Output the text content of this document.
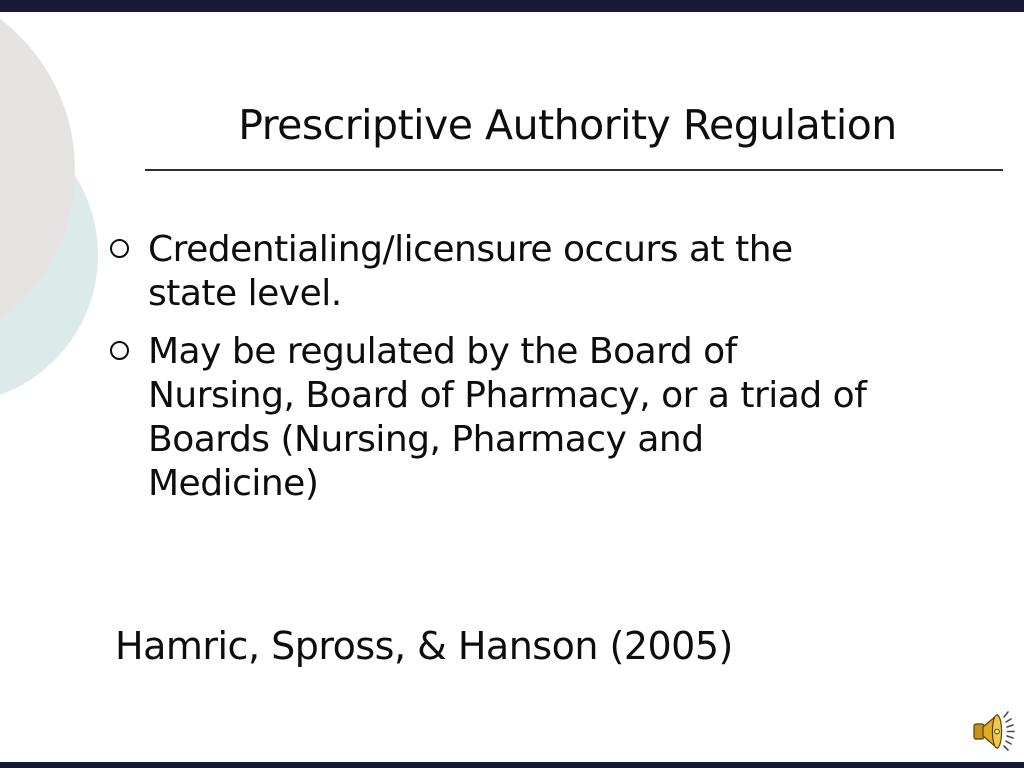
Prescriptive Authority Regulation
Credentialing/licensure occurs at the
state level.
May be regulated by the Board of
Nursing, Board of Pharmacy, or a triad of
Boards (Nursing, Pharmacy and
Medicine)
Hamric, Spross, & Hanson (2005)
